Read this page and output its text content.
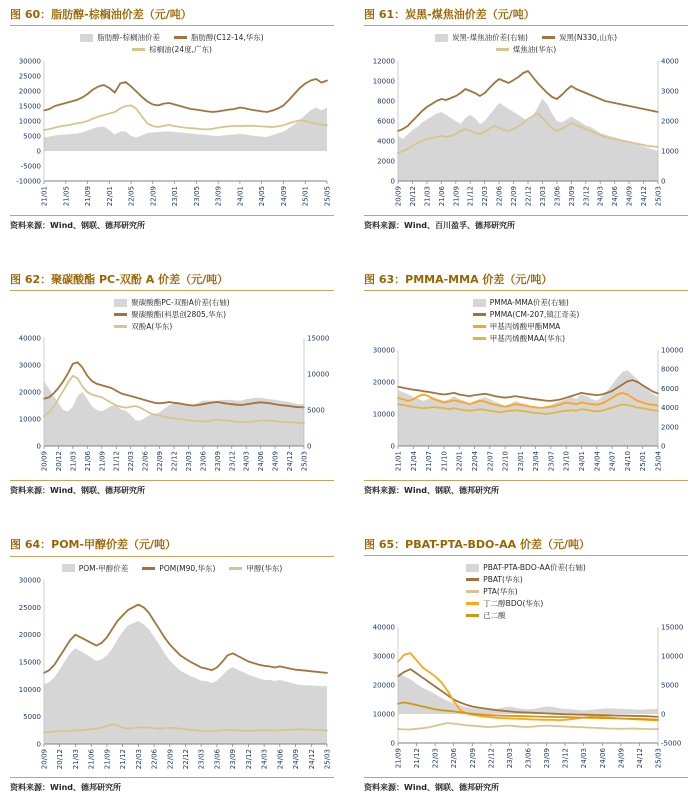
图 60：脂肪醇-棕榈油价差（元/吨）
脂肪醇-棕榈油价差	脂肪醇(C12-14,华东)
棕榈油(24度,广东)
-10000
-5000
0
5000
10000
15000
20000
25000
30000
21/01 21/05 21/09 22/01 22/05 22/09 23/01 23/05 23/09 24/01 24/05 24/09 25/01 25/05
资料来源：Wind、钢联、德邦研究所
图 61：炭黑-煤焦油价差（元/吨）
炭黑-煤焦油价差(右轴)	炭黑(N330,山东)
煤焦油(华东)
0
2000
4000
6000
8000
10000
12000
0
1000
2000
3000
4000
20/09 20/12 21/03 21/06 21/09 21/12 22/03 22/06 22/09 22/12 23/03 23/06 23/09 23/12 24/03 24/06 24/09 24/12 25/03
资料来源：Wind、百川盈孚、德邦研究所
图 62：聚碳酸酯 PC-双酚 A 价差（元/吨）
聚碳酸酯PC-双酚A价差(右轴)
聚碳酸酯(科思创2805,华东)
双酚A(华东)
0
10000
20000
30000
40000
0
5000
10000
15000
20/09 20/12 21/03 21/06 21/09 21/12 22/03 22/06 22/09 22/12 23/03 23/06 23/09 23/12 24/03 24/06 24/09 24/12 25/03
资料来源：Wind、钢联、德邦研究所
图 63：PMMA-MMA 价差（元/吨）
PMMA-MMA价差(右轴)
PMMA(CM-207,镇江奇美)
甲基丙烯酸甲酯MMA
甲基丙烯酸MAA(华东)
0
10000
20000
30000
0
2000
4000
6000
8000
10000
21/01 21/04 21/07 21/10 22/01 22/04 22/07 22/10 23/01 23/04 23/07 23/10 24/01 24/04 24/07 24/10 25/01 25/04
资料来源：Wind、钢联、德邦研究所
图 64：POM-甲醇价差（元/吨）
POM-甲醇价差	POM(M90,华东)	甲醇(华东)
0
5000
10000
15000
20000
25000
30000
20/09 20/12 21/03 21/06 21/09 21/12 22/03 22/06 22/09 22/12 23/03 23/06 23/09 23/12 24/03 24/06 24/09 24/12 25/03
资料来源：Wind、德邦研究所
图 65：PBAT-PTA-BDO-AA 价差（元/吨）
PBAT-PTA-BDO-AA价差(右轴)
PBAT(华东)
PTA(华东)
丁二醇BDO(华东)
己二酸
0
10000
20000
30000
40000
-5000
0
5000
10000
15000
21/09 21/12 22/03 22/06 22/09 22/12 23/03 23/06 23/09 23/12 24/03 24/06 24/09 24/12 25/03
资料来源：Wind、钢联、德邦研究所
